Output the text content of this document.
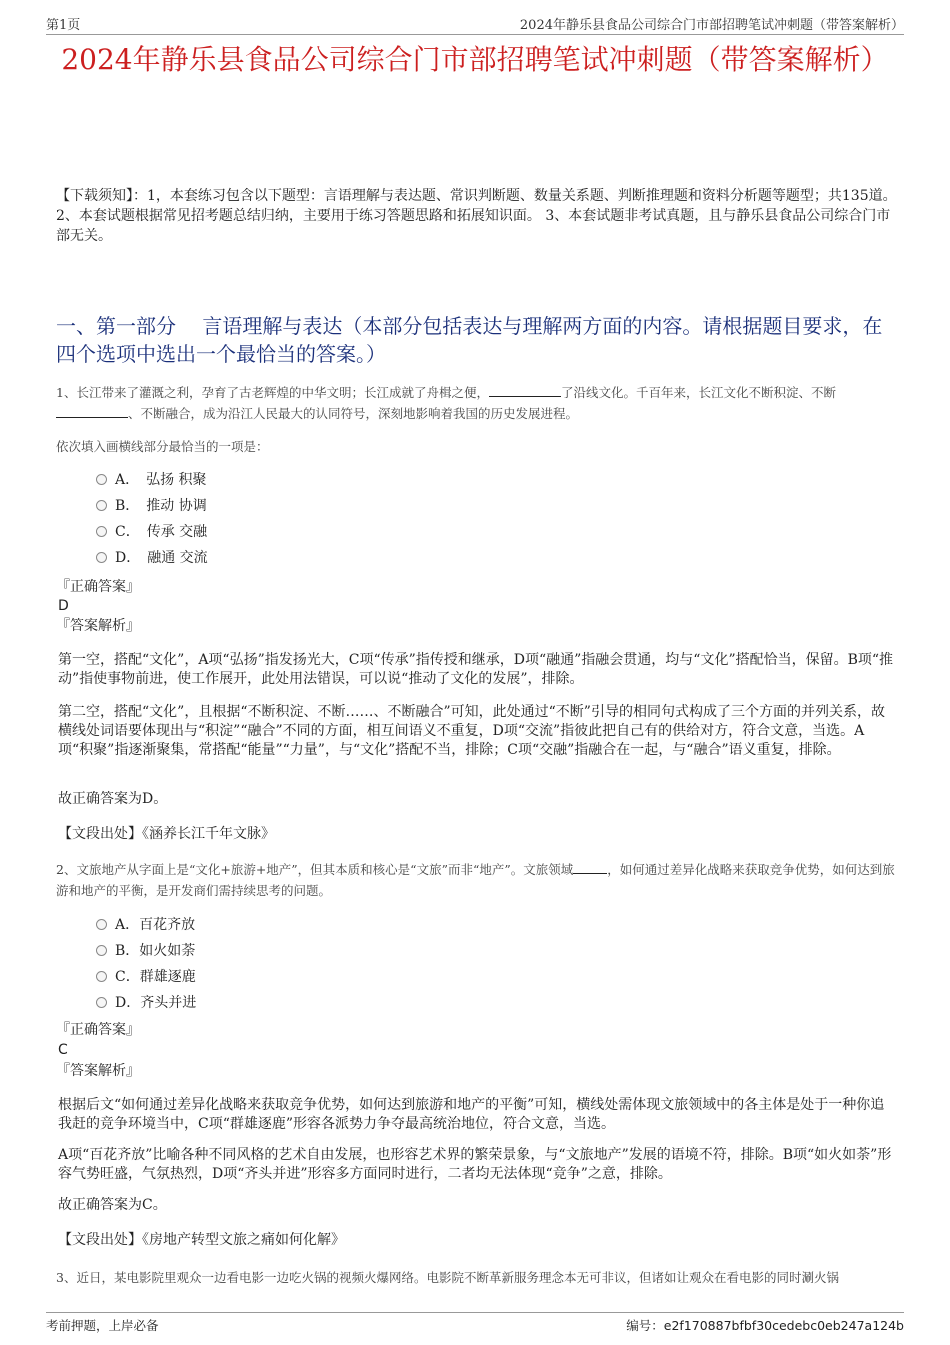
第1页	2024年静乐县食品公司综合门市部招聘笔试冲刺题（带答案解析）
2024年静乐县食品公司综合门市部招聘笔试冲刺题（带答案解析）
【下载须知】：1，本套练习包含以下题型：言语理解与表达题、常识判断题、数量关系题、判断推理题和资料分析题等题型；共135道。 2、本套试题根据常见招考题总结归纳，主要用于练习答题思路和拓展知识面。 3、本套试题非考试真题，且与静乐县食品公司综合门市部无关。
一、第一部分　 言语理解与表达（本部分包括表达与理解两方面的内容。请根据题目要求，在四个选项中选出一个最恰当的答案。）
1、长江带来了灌溉之利，孕育了古老辉煌的中华文明；长江成就了舟楫之便，	了沿线文化。千百年来，长江文化不断积淀、不断、不断融合，成为沿江人民最大的认同符号，深刻地影响着我国的历史发展进程。
依次填入画横线部分最恰当的一项是：
A．　弘扬 积聚
B．　推动 协调
C．　传承 交融
D．　融通 交流
『正确答案』
D
『答案解析』
第一空，搭配“文化”，A项“弘扬”指发扬光大，C项“传承”指传授和继承，D项“融通”指融会贯通，均与“文化”搭配恰当，保留。B项“推动”指使事物前进，使工作展开，此处用法错误，可以说“推动了文化的发展”，排除。
第二空，搭配“文化”，且根据“不断积淀、不断……、不断融合”可知，此处通过“不断”引导的相同句式构成了三个方面的并列关系，故横线处词语要体现出与“积淀”“融合”不同的方面，相互间语义不重复，D项“交流”指彼此把自己有的供给对方，符合文意，当选。A项“积聚”指逐渐聚集，常搭配“能量”“力量”，与“文化”搭配不当，排除；C项“交融”指融合在一起，与“融合”语义重复，排除。
故正确答案为D。
【文段出处】《涵养长江千年文脉》
2、文旅地产从字面上是“文化+旅游+地产”，但其本质和核心是“文旅”而非“地产”。文旅领域	，如何通过差异化战略来获取竞争优势，如何达到旅游和地产的平衡，是开发商们需持续思考的问题。
A．百花齐放
B．如火如荼
C．群雄逐鹿
D．齐头并进
『正确答案』
C
『答案解析』
根据后文“如何通过差异化战略来获取竞争优势，如何达到旅游和地产的平衡”可知，横线处需体现文旅领域中的各主体是处于一种你追我赶的竞争环境当中，C项“群雄逐鹿”形容各派势力争夺最高统治地位，符合文意，当选。
A项“百花齐放”比喻各种不同风格的艺术自由发展，也形容艺术界的繁荣景象，与“文旅地产”发展的语境不符，排除。B项“如火如荼”形容气势旺盛，气氛热烈，D项“齐头并进”形容多方面同时进行，二者均无法体现“竞争”之意，排除。
故正确答案为C。
【文段出处】《房地产转型文旅之痛如何化解》
3、近日，某电影院里观众一边看电影一边吃火锅的视频火爆网络。电影院不断革新服务理念本无可非议，但诸如让观众在看电影的同时涮火锅
考前押题，上岸必备	编号：e2f170887bfbf30cedebc0eb247a124b
